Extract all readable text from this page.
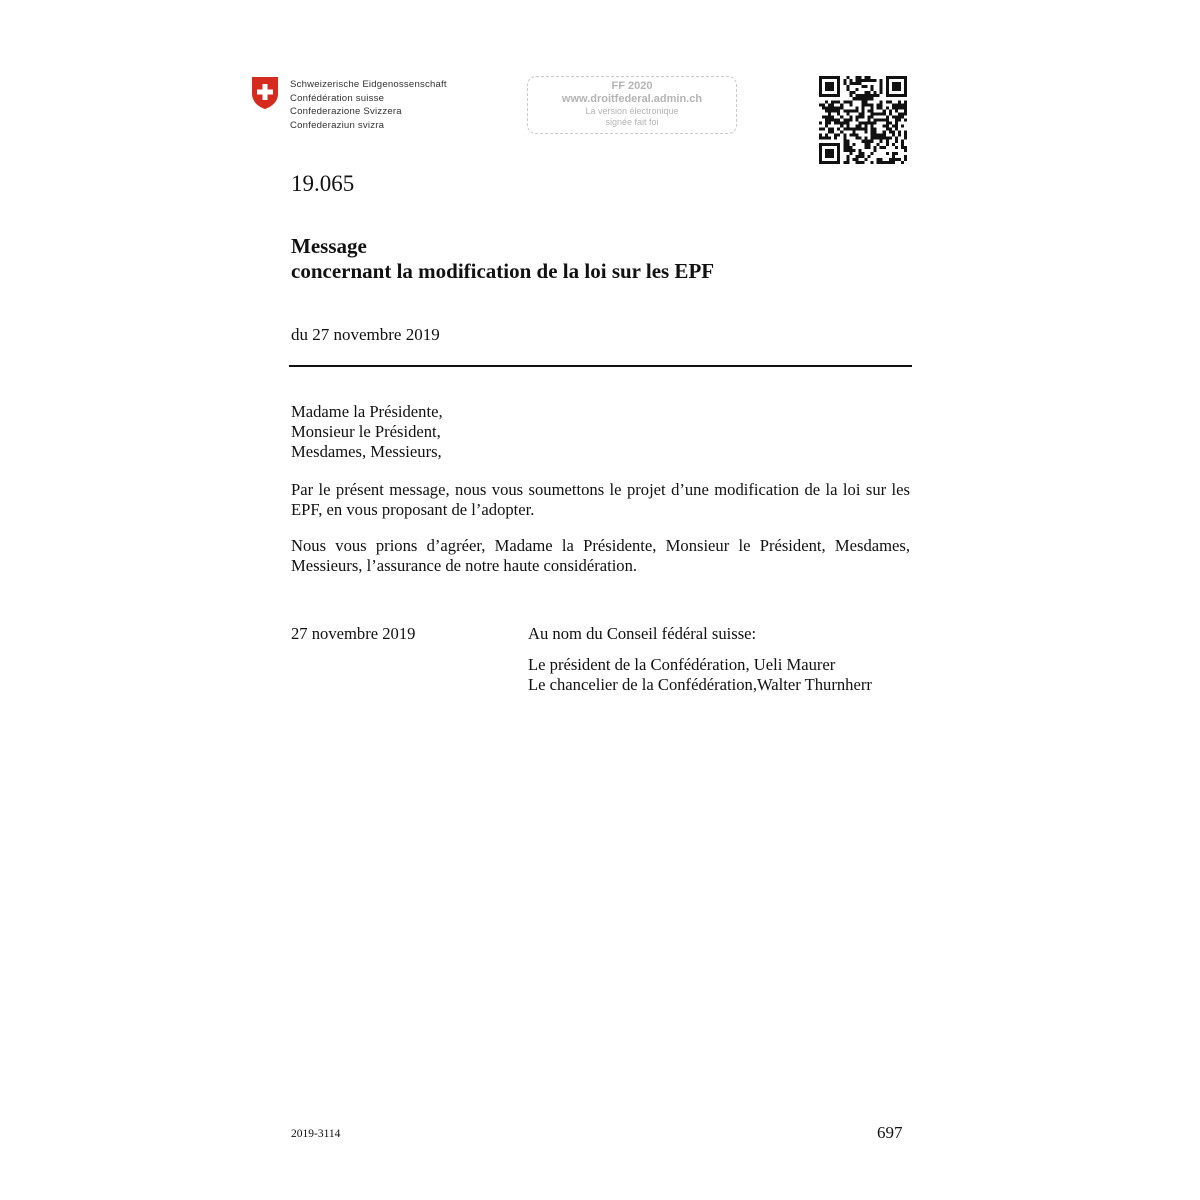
Schweizerische Eidgenossenschaft
Confédération suisse
Confederazione Svizzera
Confederaziun svizra
FF 2020
www.droitfederal.admin.ch
La version électronique
signée fait foi
19.065
Message
concernant la modification de la loi sur les EPF
du 27 novembre 2019
Madame la Présidente,
Monsieur le Président,
Mesdames, Messieurs,
Par le présent message, nous vous soumettons le projet d’une modification de la loi sur les EPF, en vous proposant de l’adopter.
Nous vous prions d’agréer, Madame la Présidente, Monsieur le Président, Mesdames, Messieurs, l’assurance de notre haute considération.
27 novembre 2019	Au nom du Conseil fédéral suisse:
Le président de la Confédération, Ueli Maurer
Le chancelier de la Confédération,Walter Thurnherr
2019-3114	697
